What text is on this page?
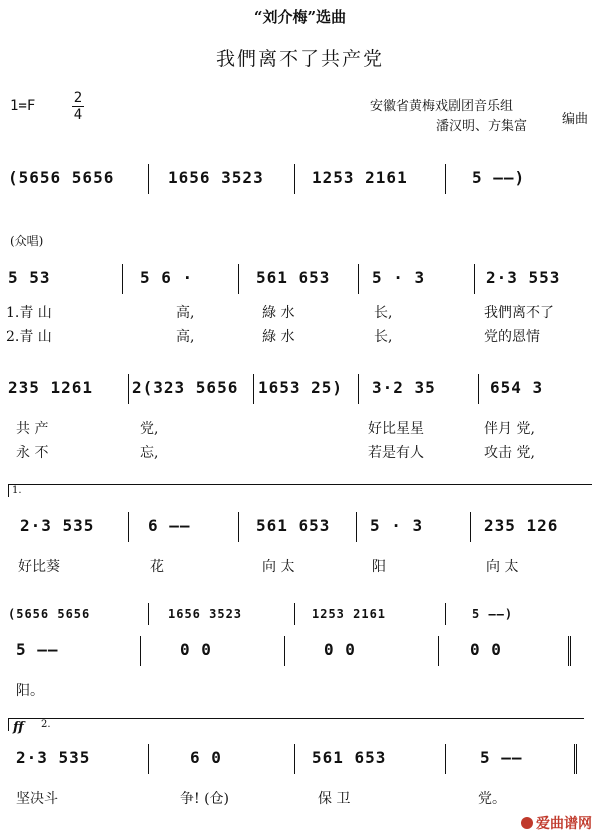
“刘介梅”选曲
我們离不了共产党
1=F	2
4
安徽省黄梅戏剧团音乐组
潘汉明、方集富	编曲
(5656 5656	1656 3523	1253 2161	5 ——)
(众唱)
5 53	5 6 ·	561 653	5 · 3	2·3 553
1.青 山	高,	綠 水	长,	我們离不了
2.青 山	高,	綠 水	长,	党的恩情
235 1261 2(323 5656 1653 25) 3·2 35	654 3
共 产	党,	好比星星	伴月 党,
永 不	忘,	若是有人	攻击 党,
1.
2·3 535	6 ——	561 653 5 · 3	235 126
好比葵	花	向 太	阳	向 太
(5656 5656	1656 3523	1253 2161	5 ——)
5 ——	0 0	0 0	0 0
阳。
ff 2.
2·3 535	6 0	561 653	5 ——
坚决斗	争! (仓)	保 卫	党。
爱曲谱网
